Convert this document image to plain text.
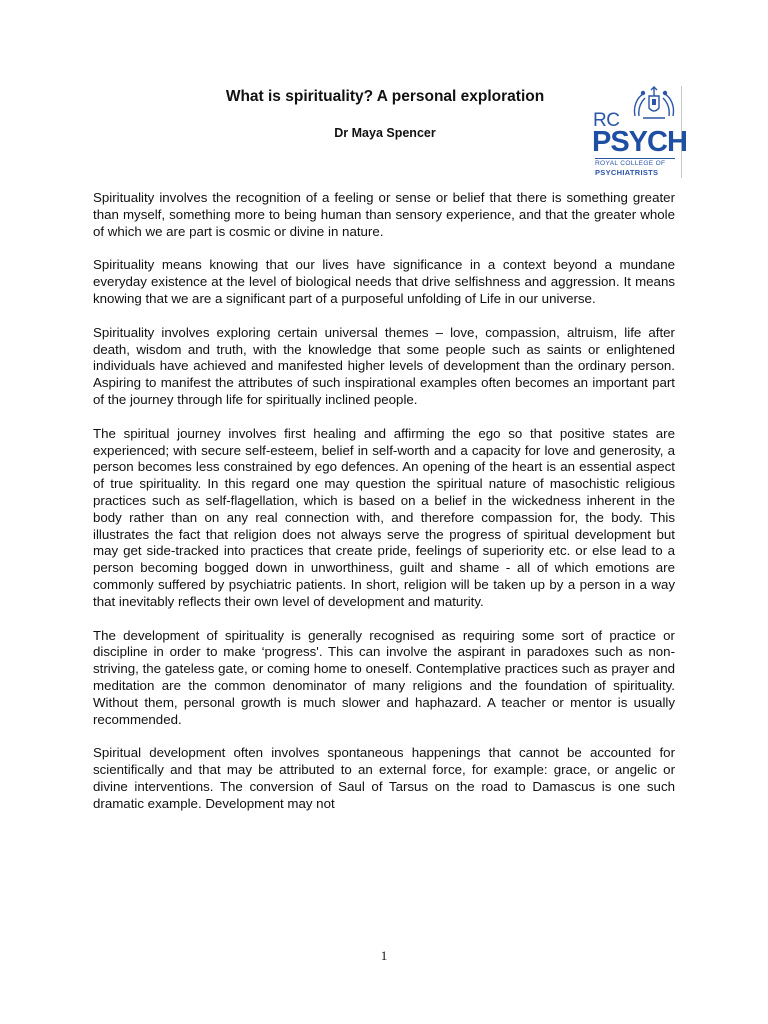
What is spirituality? A personal exploration
Dr Maya Spencer
RC
PSYCH
ROYAL COLLEGE OF
PSYCHIATRISTS

Spirituality involves the recognition of a feeling or sense or belief that there is something greater than myself, something more to being human than sensory experience, and that the greater whole of which we are part is cosmic or divine in nature.

Spirituality means knowing that our lives have significance in a context beyond a mundane everyday existence at the level of biological needs that drive selfishness and aggression. It means knowing that we are a significant part of a purposeful unfolding of Life in our universe.

Spirituality involves exploring certain universal themes – love, compassion, altruism, life after death, wisdom and truth, with the knowledge that some people such as saints or enlightened individuals have achieved and manifested higher levels of development than the ordinary person. Aspiring to manifest the attributes of such inspirational examples often becomes an important part of the journey through life for spiritually inclined people.

The spiritual journey involves first healing and affirming the ego so that positive states are experienced; with secure self-esteem, belief in self-worth and a capacity for love and generosity, a person becomes less constrained by ego defences. An opening of the heart is an essential aspect of true spirituality. In this regard one may question the spiritual nature of masochistic religious practices such as self-flagellation, which is based on a belief in the wickedness inherent in the body rather than on any real connection with, and therefore compassion for, the body. This illustrates the fact that religion does not always serve the progress of spiritual development but may get side-tracked into practices that create pride, feelings of superiority etc. or else lead to a person becoming bogged down in unworthiness, guilt and shame - all of which emotions are commonly suffered by psychiatric patients. In short, religion will be taken up by a person in a way that inevitably reflects their own level of development and maturity.

The development of spirituality is generally recognised as requiring some sort of practice or discipline in order to make ‘progress'. This can involve the aspirant in paradoxes such as non-striving, the gateless gate, or coming home to oneself. Contemplative practices such as prayer and meditation are the common denominator of many religions and the foundation of spirituality. Without them, personal growth is much slower and haphazard. A teacher or mentor is usually recommended.

Spiritual development often involves spontaneous happenings that cannot be accounted for scientifically and that may be attributed to an external force, for example: grace, or angelic or divine interventions. The conversion of Saul of Tarsus on the road to Damascus is one such dramatic example. Development may not

1
